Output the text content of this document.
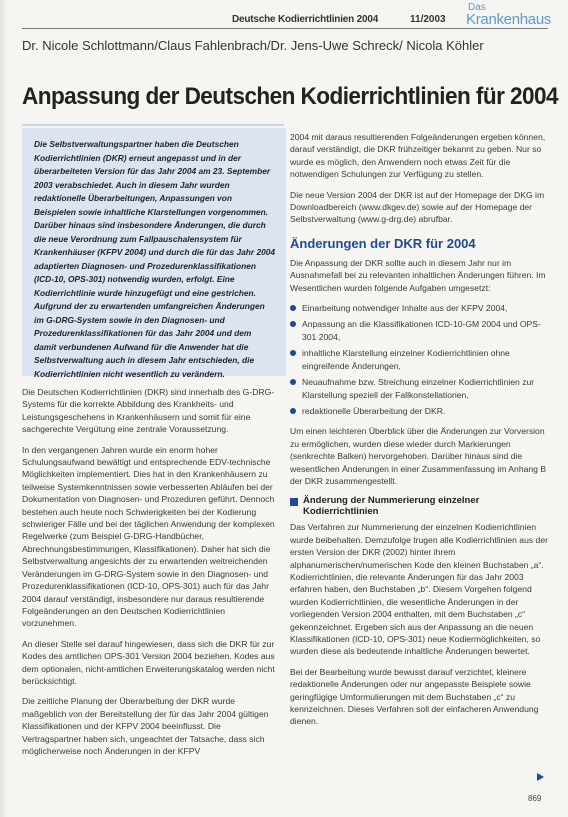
Deutsche Kodierrichtlinien 2004	11/2003
Das
Krankenhaus
Dr. Nicole Schlottmann/Claus Fahlenbrach/Dr. Jens-Uwe Schreck/ Nicola Köhler
Anpassung der Deutschen Kodierrichtlinien für 2004

Die Selbstverwaltungspartner haben die Deutschen Kodierrichtlinien (DKR) erneut angepasst und in der überarbeiteten Version für das Jahr 2004 am 23. September 2003 verabschiedet. Auch in diesem Jahr wurden redaktionelle Überarbeitungen, Anpassungen von Beispielen sowie inhaltliche Klarstellungen vorgenommen. Darüber hinaus sind insbesondere Änderungen, die durch die neue Verordnung zum Fallpauschalensystem für Krankenhäuser (KFPV 2004) und durch die für das Jahr 2004 adaptierten Diagnosen- und Prozedurenklassifikationen (ICD-10, OPS-301) notwendig wurden, erfolgt. Eine Kodierrichtlinie wurde hinzugefügt und eine gestrichen. Aufgrund der zu erwartenden umfangreichen Änderungen im G-DRG-System sowie in den Diagnosen- und Prozedurenklassifikationen für das Jahr 2004 und dem damit verbundenen Aufwand für die Anwender hat die Selbstverwaltung auch in diesem Jahr entschieden, die Kodierrichtlinien nicht wesentlich zu verändern.

Die Deutschen Kodierrichtlinien (DKR) sind innerhalb des G-DRG-Systems für die korrekte Abbildung des Krankheits- und Leistungsgeschehens in Krankenhäusern und somit für eine sachgerechte Vergütung eine zentrale Voraussetzung.

In den vergangenen Jahren wurde ein enorm hoher Schulungsaufwand bewältigt und entsprechende EDV-technische Möglichkeiten implementiert. Dies hat in den Krankenhäusern zu teilweise Systemkenntnissen sowie verbesserten Abläufen bei der Dokumentation von Diagnosen- und Prozeduren geführt. Dennoch bestehen auch heute noch Schwierigkeiten bei der Kodierung schwieriger Fälle und bei der täglichen Anwendung der komplexen Regelwerke (zum Beispiel G-DRG-Handbücher, Abrechnungsbestimmungen, Klassifikationen). Daher hat sich die Selbstverwaltung angesichts der zu erwartenden weitreichenden Veränderungen im G-DRG-System sowie in den Diagnosen- und Prozedurenklassifikationen (ICD-10, OPS-301) auch für das Jahr 2004 darauf verständigt, insbesondere nur daraus resultierende Folgeänderungen an den Deutschen Kodierrichtlinien vorzunehmen.

An dieser Stelle sei darauf hingewiesen, dass sich die DKR für zur Kodes des amtlichen OPS-301 Version 2004 beziehen. Kodes aus dem optionalen, nicht-amtlichen Erweiterungskatalog werden nicht berücksichtigt.

Die zeitliche Planung der Überarbeitung der DKR wurde maßgeblich von der Bereitstellung der für das Jahr 2004 gültigen Klassifikationen und der KFPV 2004 beeinflusst. Die Vertragspartner haben sich, ungeachtet der Tatsache, dass sich möglicherweise noch Änderungen in der KFPV

2004 mit daraus resultierenden Folgeänderungen ergeben können, darauf verständigt, die DKR frühzeitiger bekannt zu geben. Nur so wurde es möglich, den Anwendern noch etwas Zeit für die notwendigen Schulungen zur Verfügung zu stellen.

Die neue Version 2004 der DKR ist auf der Homepage der DKG im Downloadbereich (www.dkgev.de) sowie auf der Homepage der Selbstverwaltung (www.g-drg.de) abrufbar.

Änderungen der DKR für 2004

Die Anpassung der DKR sollte auch in diesem Jahr nur im Ausnahmefall bei zu relevanten inhaltlichen Änderungen führen. Im Wesentlichen wurden folgende Aufgaben umgesetzt:

Einarbeitung notwendiger Inhalte aus der KFPV 2004,
Anpassung an die Klassifikationen ICD-10-GM 2004 und OPS-301 2004,
inhaltliche Klarstellung einzelner Kodierrichtlinien ohne eingreifende Änderungen,
Neuaufnahme bzw. Streichung einzelner Kodierrichtlinien zur Klarstellung speziell der Fallkonstellationen,
redaktionelle Überarbeitung der DKR.

Um einen leichteren Überblick über die Änderungen zur Vorversion zu ermöglichen, wurden diese wieder durch Markierungen (senkrechte Balken) hervorgehoben. Darüber hinaus sind die wesentlichen Änderungen in einer Zusammenfassung im Anhang B der DKR zusammengestellt.

Änderung der Nummerierung einzelner Kodierrichtlinien

Das Verfahren zur Nummerierung der einzelnen Kodierrichtlinien wurde beibehalten. Demzufolge trugen alle Kodierrichtlinien aus der ersten Version der DKR (2002) hinter ihrem alphanumerischen/numerischen Kode den kleinen Buchstaben „a“. Kodierrichtlinien, die relevante Änderungen für das Jahr 2003 erfahren haben, den Buchstaben „b“. Diesem Vorgehen folgend wurden Kodierrichtlinien, die wesentliche Änderungen in der vorliegenden Version 2004 enthalten, mit dem Buchstaben „c“ gekennzeichnet. Ergeben sich aus der Anpassung an die neuen Klassifikationen (ICD-10, OPS-301) neue Kodiermöglichkeiten, so wurden diese als bedeutende inhaltliche Änderungen bewertet.

Bei der Bearbeitung wurde bewusst darauf verzichtet, kleinere redaktionelle Änderungen oder nur angepasste Beispiele sowie geringfügige Umformulierungen mit dem Buchstaben „c“ zu kennzeichnen. Dieses Verfahren soll der einfacheren Anwendung dienen.

869
